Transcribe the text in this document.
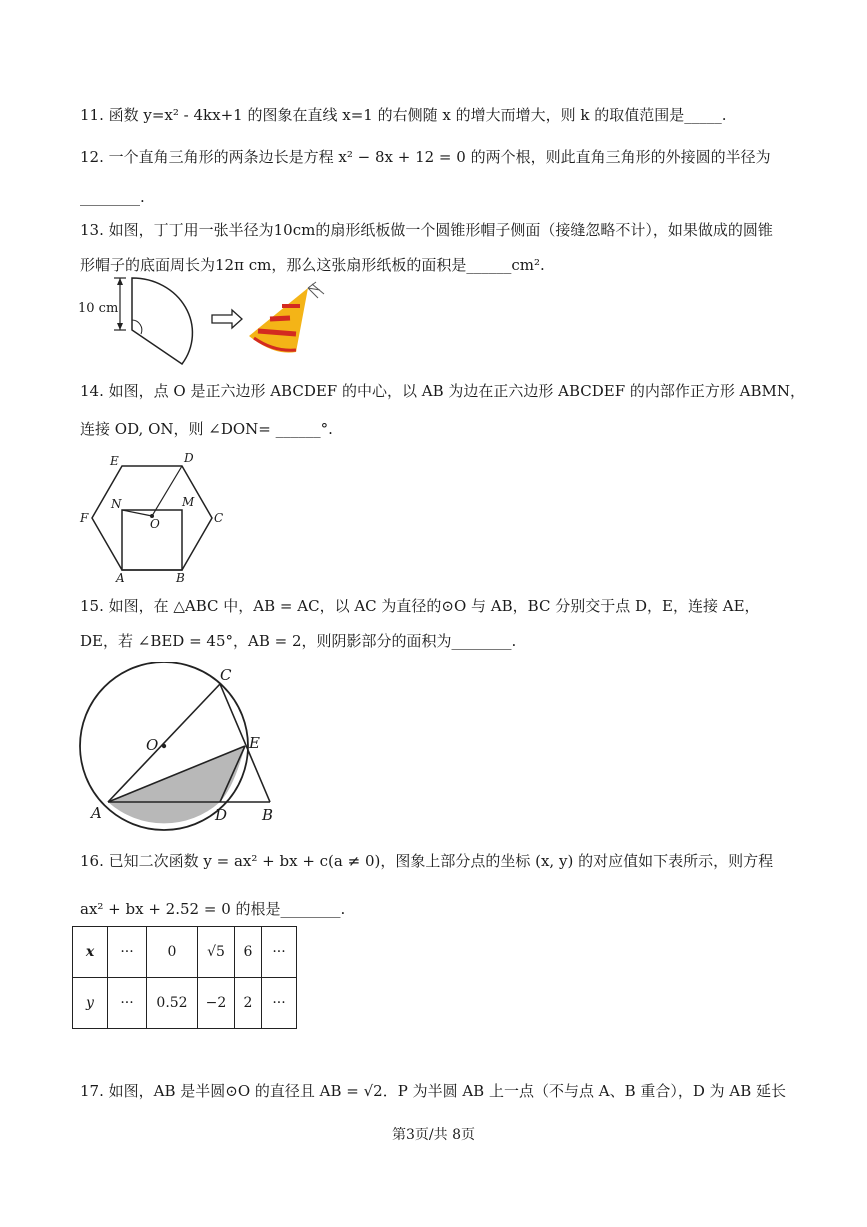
11. 函数 y=x² - 4kx+1 的图象在直线 x=1 的右侧随 x 的增大而增大，则 k 的取值范围是_____.
12. 一个直角三角形的两条边长是方程 x² − 8x + 12 = 0 的两个根，则此直角三角形的外接圆的半径为
________.
13. 如图，丁丁用一张半径为10cm的扇形纸板做一个圆锥形帽子侧面（接缝忽略不计），如果做成的圆锥
形帽子的底面周长为12π cm，那么这张扇形纸板的面积是______cm².
10 cm
14. 如图，点 O 是正六边形 ABCDEF 的中心，以 AB 为边在正六边形 ABCDEF 的内部作正方形 ABMN，
连接 OD, ON，则 ∠DON= ______°.
E	D
F	C
N	M
O
A	B
15. 如图，在 △ABC 中，AB = AC，以 AC 为直径的⊙O 与 AB，BC 分别交于点 D，E，连接 AE，
DE，若 ∠BED = 45°，AB = 2，则阴影部分的面积为________.
C
O	E
A	D B
16. 已知二次函数 y = ax² + bx + c(a ≠ 0)，图象上部分点的坐标 (x, y) 的对应值如下表所示，则方程
ax² + bx + 2.52 = 0 的根是________.
x	···	0	√5	6	···
y	···	0.52	−2	2	···
17. 如图，AB 是半圆⊙O 的直径且 AB = √2．P 为半圆 AB 上一点（不与点 A、B 重合），D 为 AB 延长
第3页/共 8页
